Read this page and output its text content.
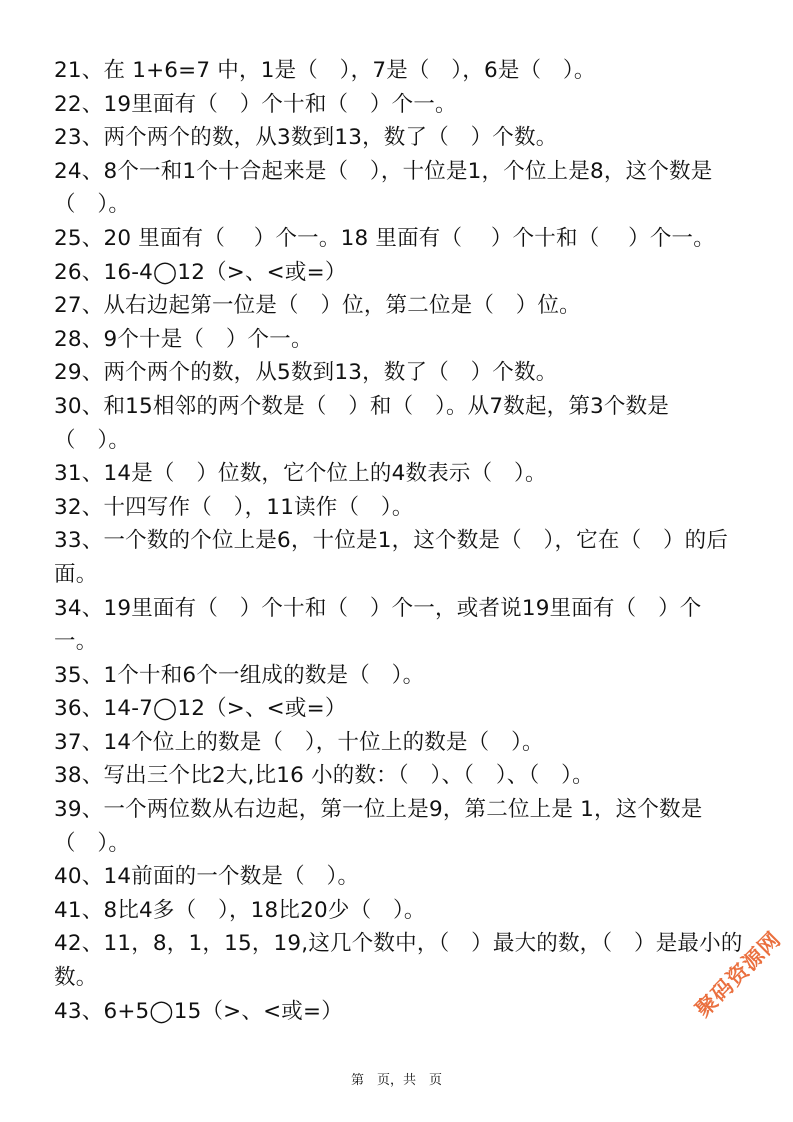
21、在 1+6=7 中，1是（　），7是（　），6是（　）。
22、19里面有（　）个十和（　）个一。
23、两个两个的数，从3数到13，数了（　）个数。
24、8个一和1个十合起来是（　），十位是1，个位上是8，这个数是（　）。
25、20 里面有（　 ）个一。18 里面有（　 ）个十和（　 ）个一。
26、16-4◯12（>、<或=）
27、从右边起第一位是（　）位，第二位是（　）位。
28、9个十是（　）个一。
29、两个两个的数，从5数到13，数了（　）个数。
30、和15相邻的两个数是（　）和（　）。从7数起，第3个数是（　）。
31、14是（　）位数，它个位上的4数表示（　）。
32、十四写作（　），11读作（　）。
33、一个数的个位上是6，十位是1，这个数是（　），它在（　）的后面。
34、19里面有（　）个十和（　）个一，或者说19里面有（　）个一。
35、1个十和6个一组成的数是（　）。
36、14-7◯12（>、<或=）
37、14个位上的数是（　），十位上的数是（　）。
38、写出三个比2大,比16 小的数：（　）、（　）、（　）。
39、一个两位数从右边起，第一位上是9，第二位上是 1，这个数是（　）。
40、14前面的一个数是（　）。
41、8比4多（　），18比20少（　）。
42、11，8，1，15，19,这几个数中，（　）最大的数，（　）是最小的数。
43、6+5◯15（>、<或=）
第　页，共　页
聚码资源网
